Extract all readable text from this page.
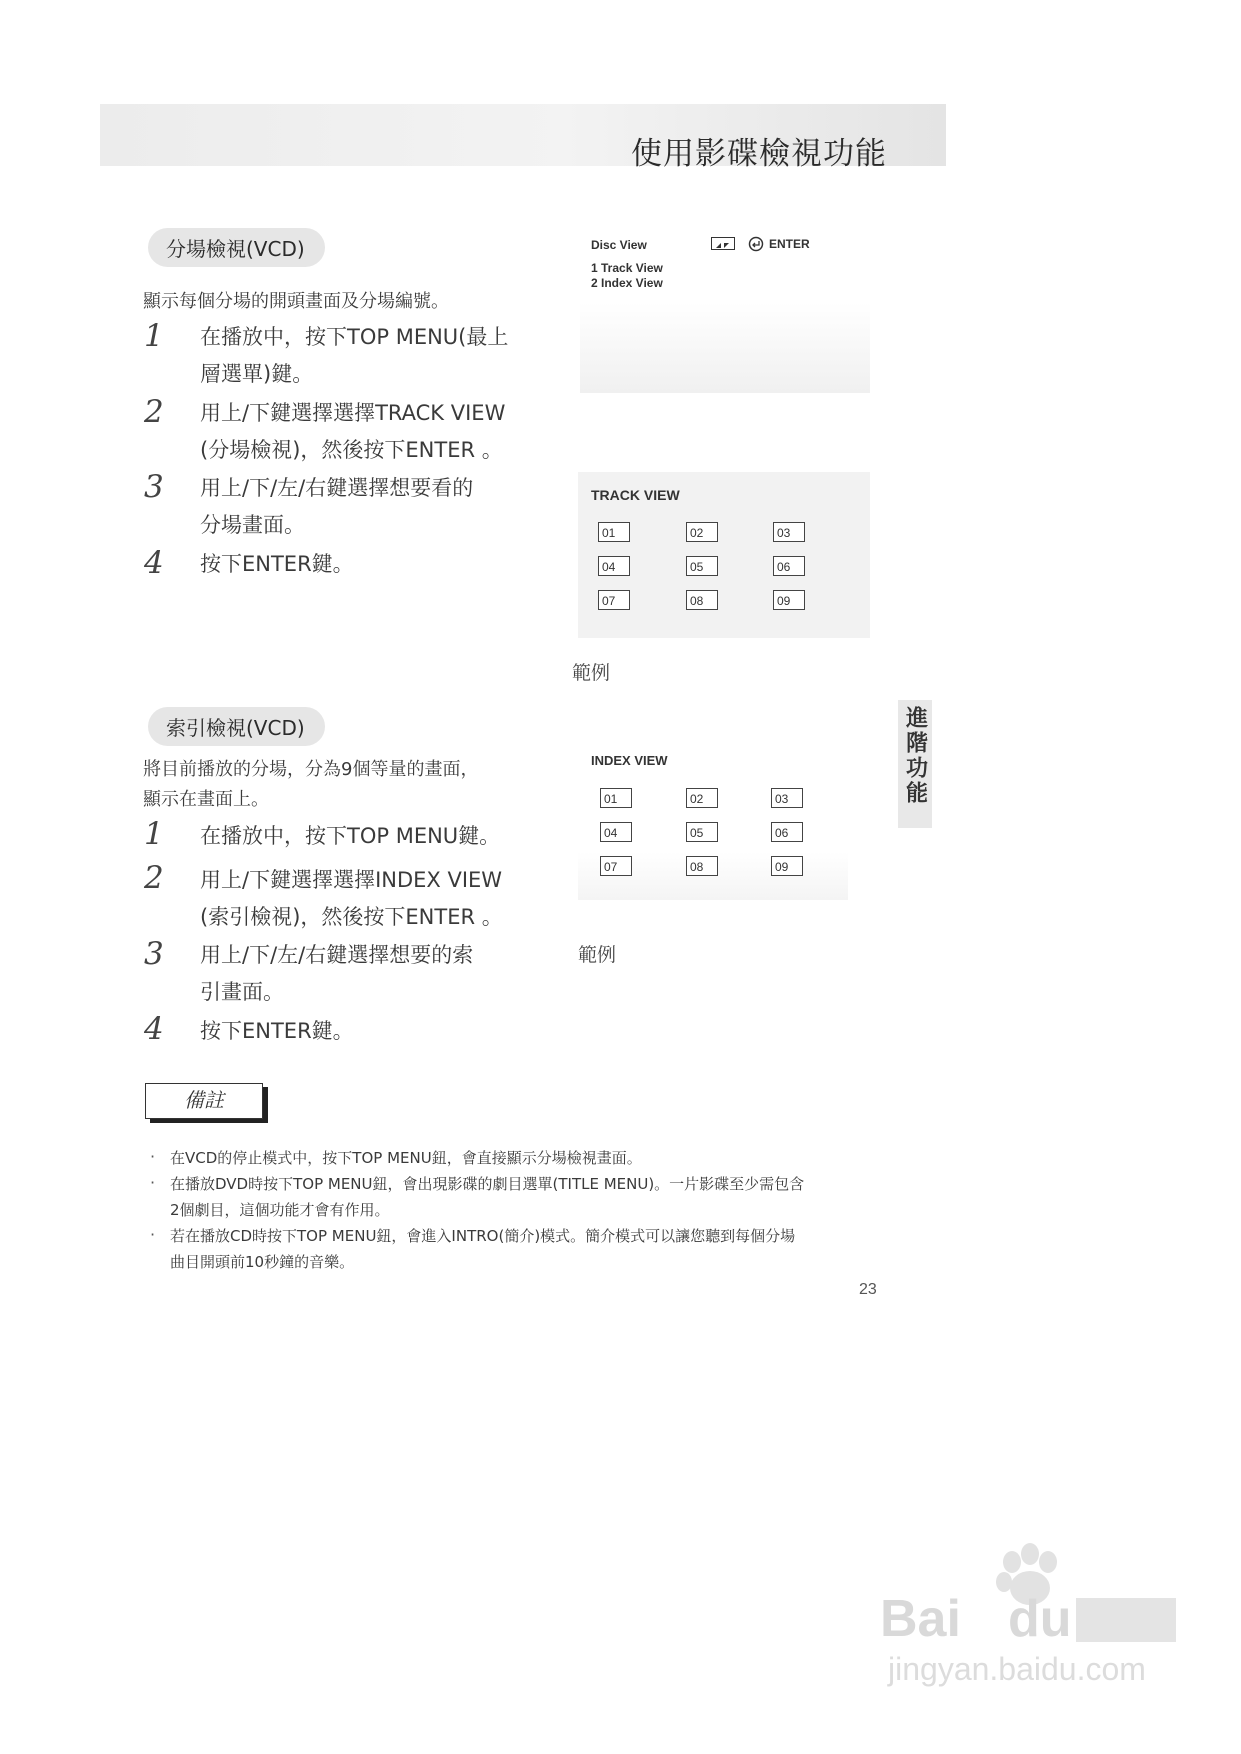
使用影碟檢視功能
分場檢視(VCD)
顯示每個分場的開頭畫面及分場編號。
1	在播放中，按下TOP MENU(最上
層選單)鍵。
2	用上/下鍵選擇選擇TRACK VIEW
(分場檢視)，然後按下ENTER 。
3	用上/下/左/右鍵選擇想要看的
分場畫面。
4	按下ENTER鍵。
Disc View	ENTER
1 Track View
2 Index View
TRACK VIEW
01	02	03
04	05	06
07	08	09
範例
索引檢視(VCD)
將目前播放的分場，分為9個等量的畫面，
顯示在畫面上。
1	在播放中，按下TOP MENU鍵。
2	用上/下鍵選擇選擇INDEX VIEW
(索引檢視)，然後按下ENTER 。
3	用上/下/左/右鍵選擇想要的索
引畫面。
4	按下ENTER鍵。
INDEX VIEW
01	02	03
04	05	06
07	08	09
範例
進階功能
備註
· 在VCD的停止模式中，按下TOP MENU鈕，會直接顯示分場檢視畫面。
· 在播放DVD時按下TOP MENU鈕，會出現影碟的劇目選單(TITLE MENU)。一片影碟至少需包含
2個劇目，這個功能才會有作用。
· 若在播放CD時按下TOP MENU鈕，會進入INTRO(簡介)模式。簡介模式可以讓您聽到每個分場
曲目開頭前10秒鐘的音樂。
23
Bai du
jingyan.baidu.com
